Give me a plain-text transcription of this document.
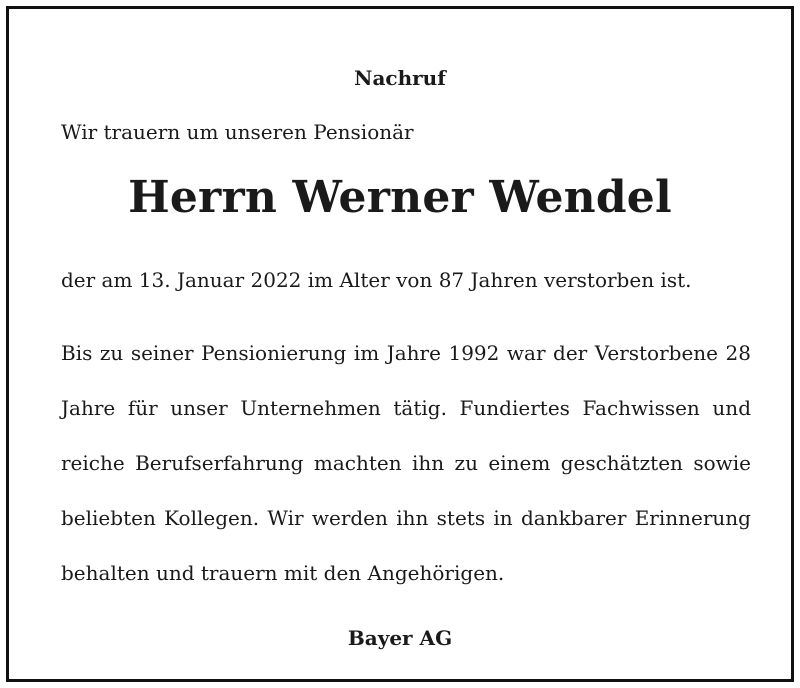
Nachruf
Wir trauern um unseren Pensionär
Herrn Werner Wendel
der am 13. Januar 2022 im Alter von 87 Jahren verstorben ist.
Bis zu seiner Pensionierung im Jahre 1992 war der Verstorbene 28 Jahre für unser Unternehmen tätig. Fundiertes Fachwissen und reiche Berufserfahrung machten ihn zu einem geschätzten sowie beliebten Kollegen. Wir werden ihn stets in dankbarer Erinnerung behalten und trauern mit den Angehörigen.
Bayer AG
